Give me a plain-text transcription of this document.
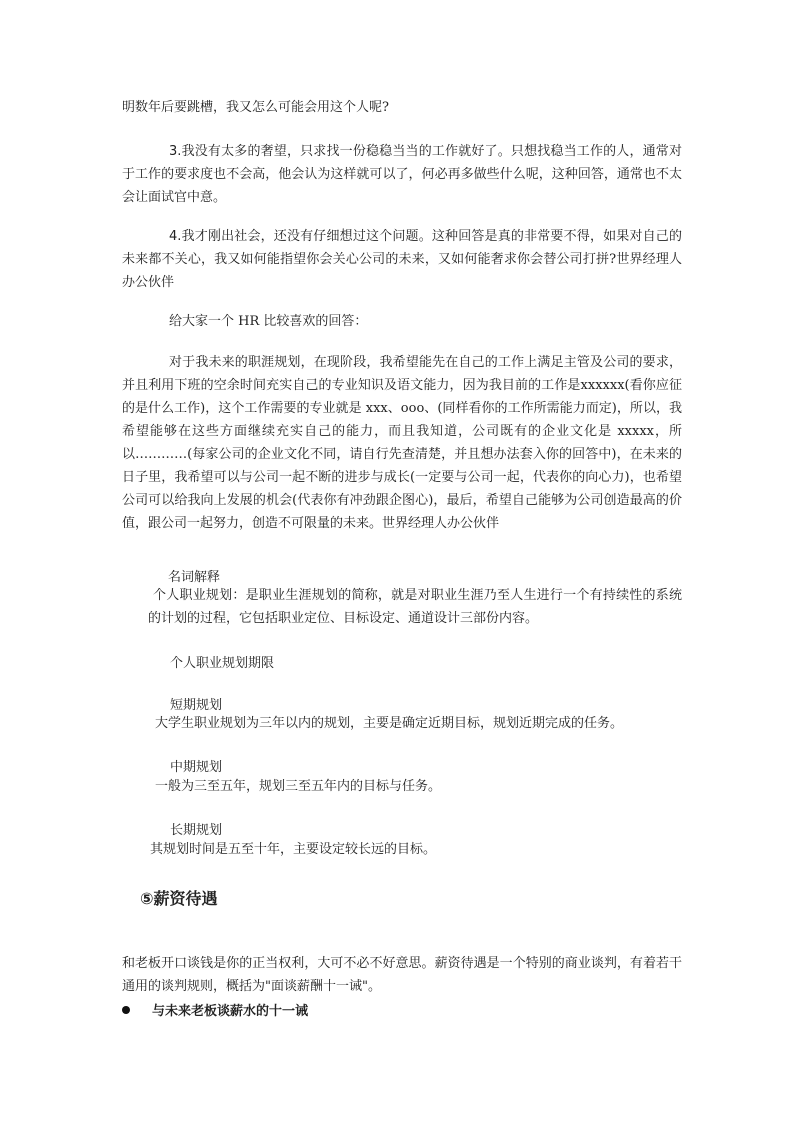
明数年后要跳槽，我又怎么可能会用这个人呢?

3.我没有太多的奢望，只求找一份稳稳当当的工作就好了。只想找稳当工作的人，通常对于工作的要求度也不会高，他会认为这样就可以了，何必再多做些什么呢，这种回答，通常也不太会让面试官中意。

4.我才刚出社会，还没有仔细想过这个问题。这种回答是真的非常要不得，如果对自己的未来都不关心，我又如何能指望你会关心公司的未来，又如何能奢求你会替公司打拼?世界经理人办公伙伴

给大家一个 HR 比较喜欢的回答：

对于我未来的职涯规划，在现阶段，我希望能先在自己的工作上满足主管及公司的要求，并且利用下班的空余时间充实自己的专业知识及语文能力，因为我目前的工作是xxxxxx(看你应征的是什么工作)，这个工作需要的专业就是 xxx、ooo、(同样看你的工作所需能力而定)，所以，我希望能够在这些方面继续充实自己的能力，而且我知道，公司既有的企业文化是 xxxxx，所以…………(每家公司的企业文化不同，请自行先查清楚，并且想办法套入你的回答中)，在未来的日子里，我希望可以与公司一起不断的进步与成长(一定要与公司一起，代表你的向心力)，也希望公司可以给我向上发展的机会(代表你有冲劲跟企图心)，最后，希望自己能够为公司创造最高的价值，跟公司一起努力，创造不可限量的未来。世界经理人办公伙伴

名词解释

个人职业规划：是职业生涯规划的简称，就是对职业生涯乃至人生进行一个有持续性的系统的计划的过程，它包括职业定位、目标设定、通道设计三部份内容。

个人职业规划期限

短期规划

大学生职业规划为三年以内的规划，主要是确定近期目标，规划近期完成的任务。

中期规划

一般为三至五年，规划三至五年内的目标与任务。

长期规划

其规划时间是五至十年，主要设定较长远的目标。

⑤薪资待遇

和老板开口谈钱是你的正当权利，大可不必不好意思。薪资待遇是一个特别的商业谈判，有着若干通用的谈判规则，概括为"面谈薪酬十一诫"。

与未来老板谈薪水的十一诫
